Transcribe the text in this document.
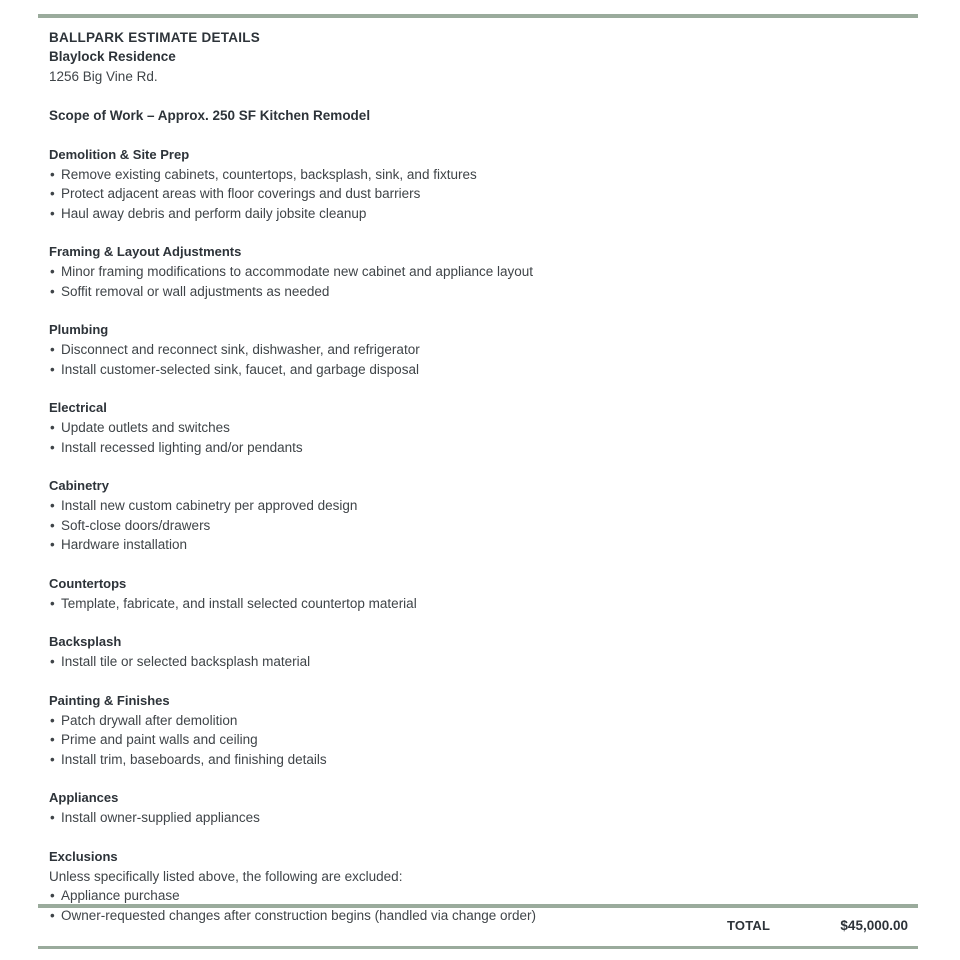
BALLPARK ESTIMATE DETAILS
Blaylock Residence
1256 Big Vine Rd.
Scope of Work – Approx. 250 SF Kitchen Remodel
Demolition & Site Prep
• Remove existing cabinets, countertops, backsplash, sink, and fixtures
• Protect adjacent areas with floor coverings and dust barriers
• Haul away debris and perform daily jobsite cleanup
Framing & Layout Adjustments
• Minor framing modifications to accommodate new cabinet and appliance layout
• Soffit removal or wall adjustments as needed
Plumbing
• Disconnect and reconnect sink, dishwasher, and refrigerator
• Install customer-selected sink, faucet, and garbage disposal
Electrical
• Update outlets and switches
• Install recessed lighting and/or pendants
Cabinetry
• Install new custom cabinetry per approved design
• Soft-close doors/drawers
• Hardware installation
Countertops
• Template, fabricate, and install selected countertop material
Backsplash
• Install tile or selected backsplash material
Painting & Finishes
• Patch drywall after demolition
• Prime and paint walls and ceiling
• Install trim, baseboards, and finishing details
Appliances
• Install owner-supplied appliances
Exclusions
Unless specifically listed above, the following are excluded:
• Appliance purchase
• Owner-requested changes after construction begins (handled via change order)
TOTAL	$45,000.00
